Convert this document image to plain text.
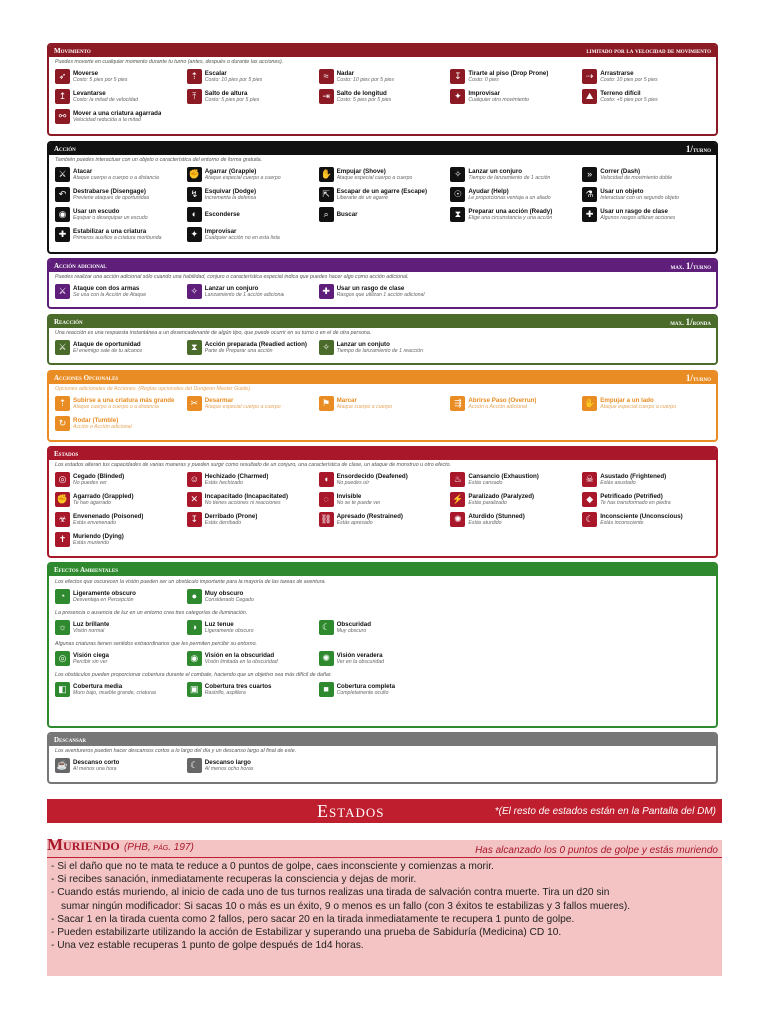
Movimiento	limitado por la velocidad de movimiento
Puedes moverte en cualquier momento durante tu turno (antes, después o durante las acciones).
➶	Moverse
Costo: 5 pies por 5 pies	⇡	Escalar
Costo: 10 pies por 5 pies	≈	Nadar
Costo: 10 pies por 5 pies	↧	Tirarte al piso (Drop Prone)
Costo: 0 pies	⇢	Arrastrarse
Costo: 10 pies por 5 pies
↥	Levantarse
Costo: la mitad de velocidad	⤒	Salto de altura
Costo: 5 pies por 5 pies	⇥	Salto de longitud
Costo: 5 pies por 5 pies	✦	Improvisar
Cualquier otro movimiento	⛰	Terreno difícil
Costo: +5 pies por 5 pies
⚯	Mover a una criatura agarrada
Velocidad reducida a la mitad
Acción	1/turno
También puedes interactuar con un objeto o característica del entorno de forma gratuita.
⚔	Atacar
Ataque cuerpo a cuerpo o a distancia	✊ Agarrar (Grapple)
Ataque especial cuerpo a cuerpo	✋ Empujar (Shove)
Ataque especial cuerpo a cuerpo	✧	Lanzar un conjuro
Tiempo de lanzamiento de 1 acción	»	Correr (Dash)
Velocidad de movimiento doble
↶	Destrabarse (Disengage)
Previene ataques de oportunidad	↯	Esquivar (Dodge)
Incrementa la defensa	⇱	Escapar de un agarre (Escape)
Liberarte de un agarre	☉	Ayudar (Help)
Le proporcionas ventaja a un aliado	⚗	Usar un objeto
Interactuar con un segundo objeto
◉	Usar un escudo
Equipar o desequipar un escudo	◐	Esconderse	⌕	Buscar	⧗	Preparar una acción (Ready)
Elige una circunstancia y una acción	✚	Usar un rasgo de clase
Algunos rasgos utilizan acciones
✚	Estabilizar a una criatura
Primeros auxilios a criatura moribunda	✦	Improvisar
Cualquier acción no en esta lista
Acción adicional	max. 1/turno
Puedes realizar una acción adicional sólo cuando una habilidad, conjuro o característica especial indica que puedes hacer algo como acción adicional.
⚔	Ataque con dos armas
Se usa con la Acción de Ataque	✧	Lanzar un conjuro
Lanzamiento de 1 acción adicional	✚	Usar un rasgo de clase
Rasgos que utilizan 1 acción adicional
Reacción	max. 1/ronda
Una reacción es una respuesta instantánea a un desencadenante de algún tipo, que puede ocurrir en su turno o en el de otra persona.
⚔	Ataque de oportunidad
El enemigo sale de tu alcance	⧗	Acción preparada (Readied action)
Parte de Preparar una acción	✧	Lanzar un conjuto
Tiempo de lanzamiento de 1 reacción
Acciones Opcionales	1/turno
Opciones adicionales de Acciones. (Reglas opcionales del Dungeon Master Guide).
⇡	Subirse a una criatura más grande
Ataque cuerpo a cuerpo o a distancia	✂	Desarmar
Ataque especial cuerpo a cuerpo	⚑	Marcar
Ataque cuerpo a cuerpo	⇶	Abrirse Paso (Overrun)
Acción o Acción adicional	✋ Empujar a un lado
Ataque especial cuerpo a cuerpo
↻	Rodar (Tumble)
Acción o Acción adicional
Estados
Los estados alteran tus capacidades de varias maneras y pueden surgir como resultado de un conjuro, una característica de clase, un ataque de monstruo u otro efecto.
◎	Cegado (Blinded)
No puedes ver	☺ Hechizado (Charmed)
Estás hechizado	◖	Ensordecido (Deafened)
No puedes oír	♨	Cansancio (Exhaustion)
Estás cansado	☠	Asustado (Frightened)
Estás asustado
✊ Agarrado (Grappled)
Te han agarrado	✕	Incapacitado (Incapacitated)
No tienes acciones ni reacciones	◌	Invisible
No se te puede ver	⚡ Paralizado (Paralyzed)
Estás paralizado	◆	Petrificado (Petrified)
Te has transformado en piedra
☣	Envenenado (Poisoned)
Estás envenenado	↧	Derribado (Prone)
Estás derribado	⛓ Apresado (Restrained)
Estás apresado	✺	Aturdido (Stunned)
Estás aturdido	☾	Inconsciente (Unconscious)
Estás inconsciente
✝	Muriendo (Dying)
Estás muriendo
Efectos Ambientales
Los efectos que oscurecen la visión pueden ser un obstáculo importante para la mayoría de las tareas de aventura.
◔	Ligeramente obscuro
Desventaja en Percepción	●	Muy obscuro
Considerado Cegado
La presencia o ausencia de luz en un entorno crea tres categorías de iluminación.
☼	Luz brillante
Visión normal	◑	Luz tenue
Ligeramente obscuro	☾	Obscuridad
Muy obscuro
Algunas criaturas tienen sentidos extraordinarios que les permiten percibir su entorno.
◎	Visión ciega
Percibir sin ver	◉	Visión en la obscuridad
Visión limitada en la obscuridad	✺	Visión veradera
Ver en la obscuridad
Los obstáculos pueden proporcionar cobertura durante el combate, haciendo que un objetivo sea más difícil de dañar.
◧	Cobertura media
Muro bajo, mueble grande, criaturas	▣	Cobertura tres cuartos
Rastrillo, aspillera	■	Cobertura completa
Completamente oculto
Descansar
Los aventureros pueden hacer descansos cortos a lo largo del día y un descanso largo al final de este.
☕ Descanso corto
Al menos una hora	☾	Descanso largo
Al menos ocho horas
Estados	*(El resto de estados están en la Pantalla del DM)
Muriendo (PHB, pág. 197)	Has alcanzado los 0 puntos de golpe y estás muriendo
- Si el daño que no te mata te reduce a 0 puntos de golpe, caes inconsciente y comienzas a morir.
- Si recibes sanación, inmediatamente recuperas la consciencia y dejas de morir.
- Cuando estás muriendo, al inicio de cada uno de tus turnos realizas una tirada de salvación contra muerte. Tira un d20 sin
sumar ningún modificador: Si sacas 10 o más es un éxito, 9 o menos es un fallo (con 3 éxitos te estabilizas y 3 fallos mueres).
- Sacar 1 en la tirada cuenta como 2 fallos, pero sacar 20 en la tirada inmediatamente te recupera 1 punto de golpe.
- Pueden estabilizarte utilizando la acción de Estabilizar y superando una prueba de Sabiduría (Medicina) CD 10.
- Una vez estable recuperas 1 punto de golpe después de 1d4 horas.
